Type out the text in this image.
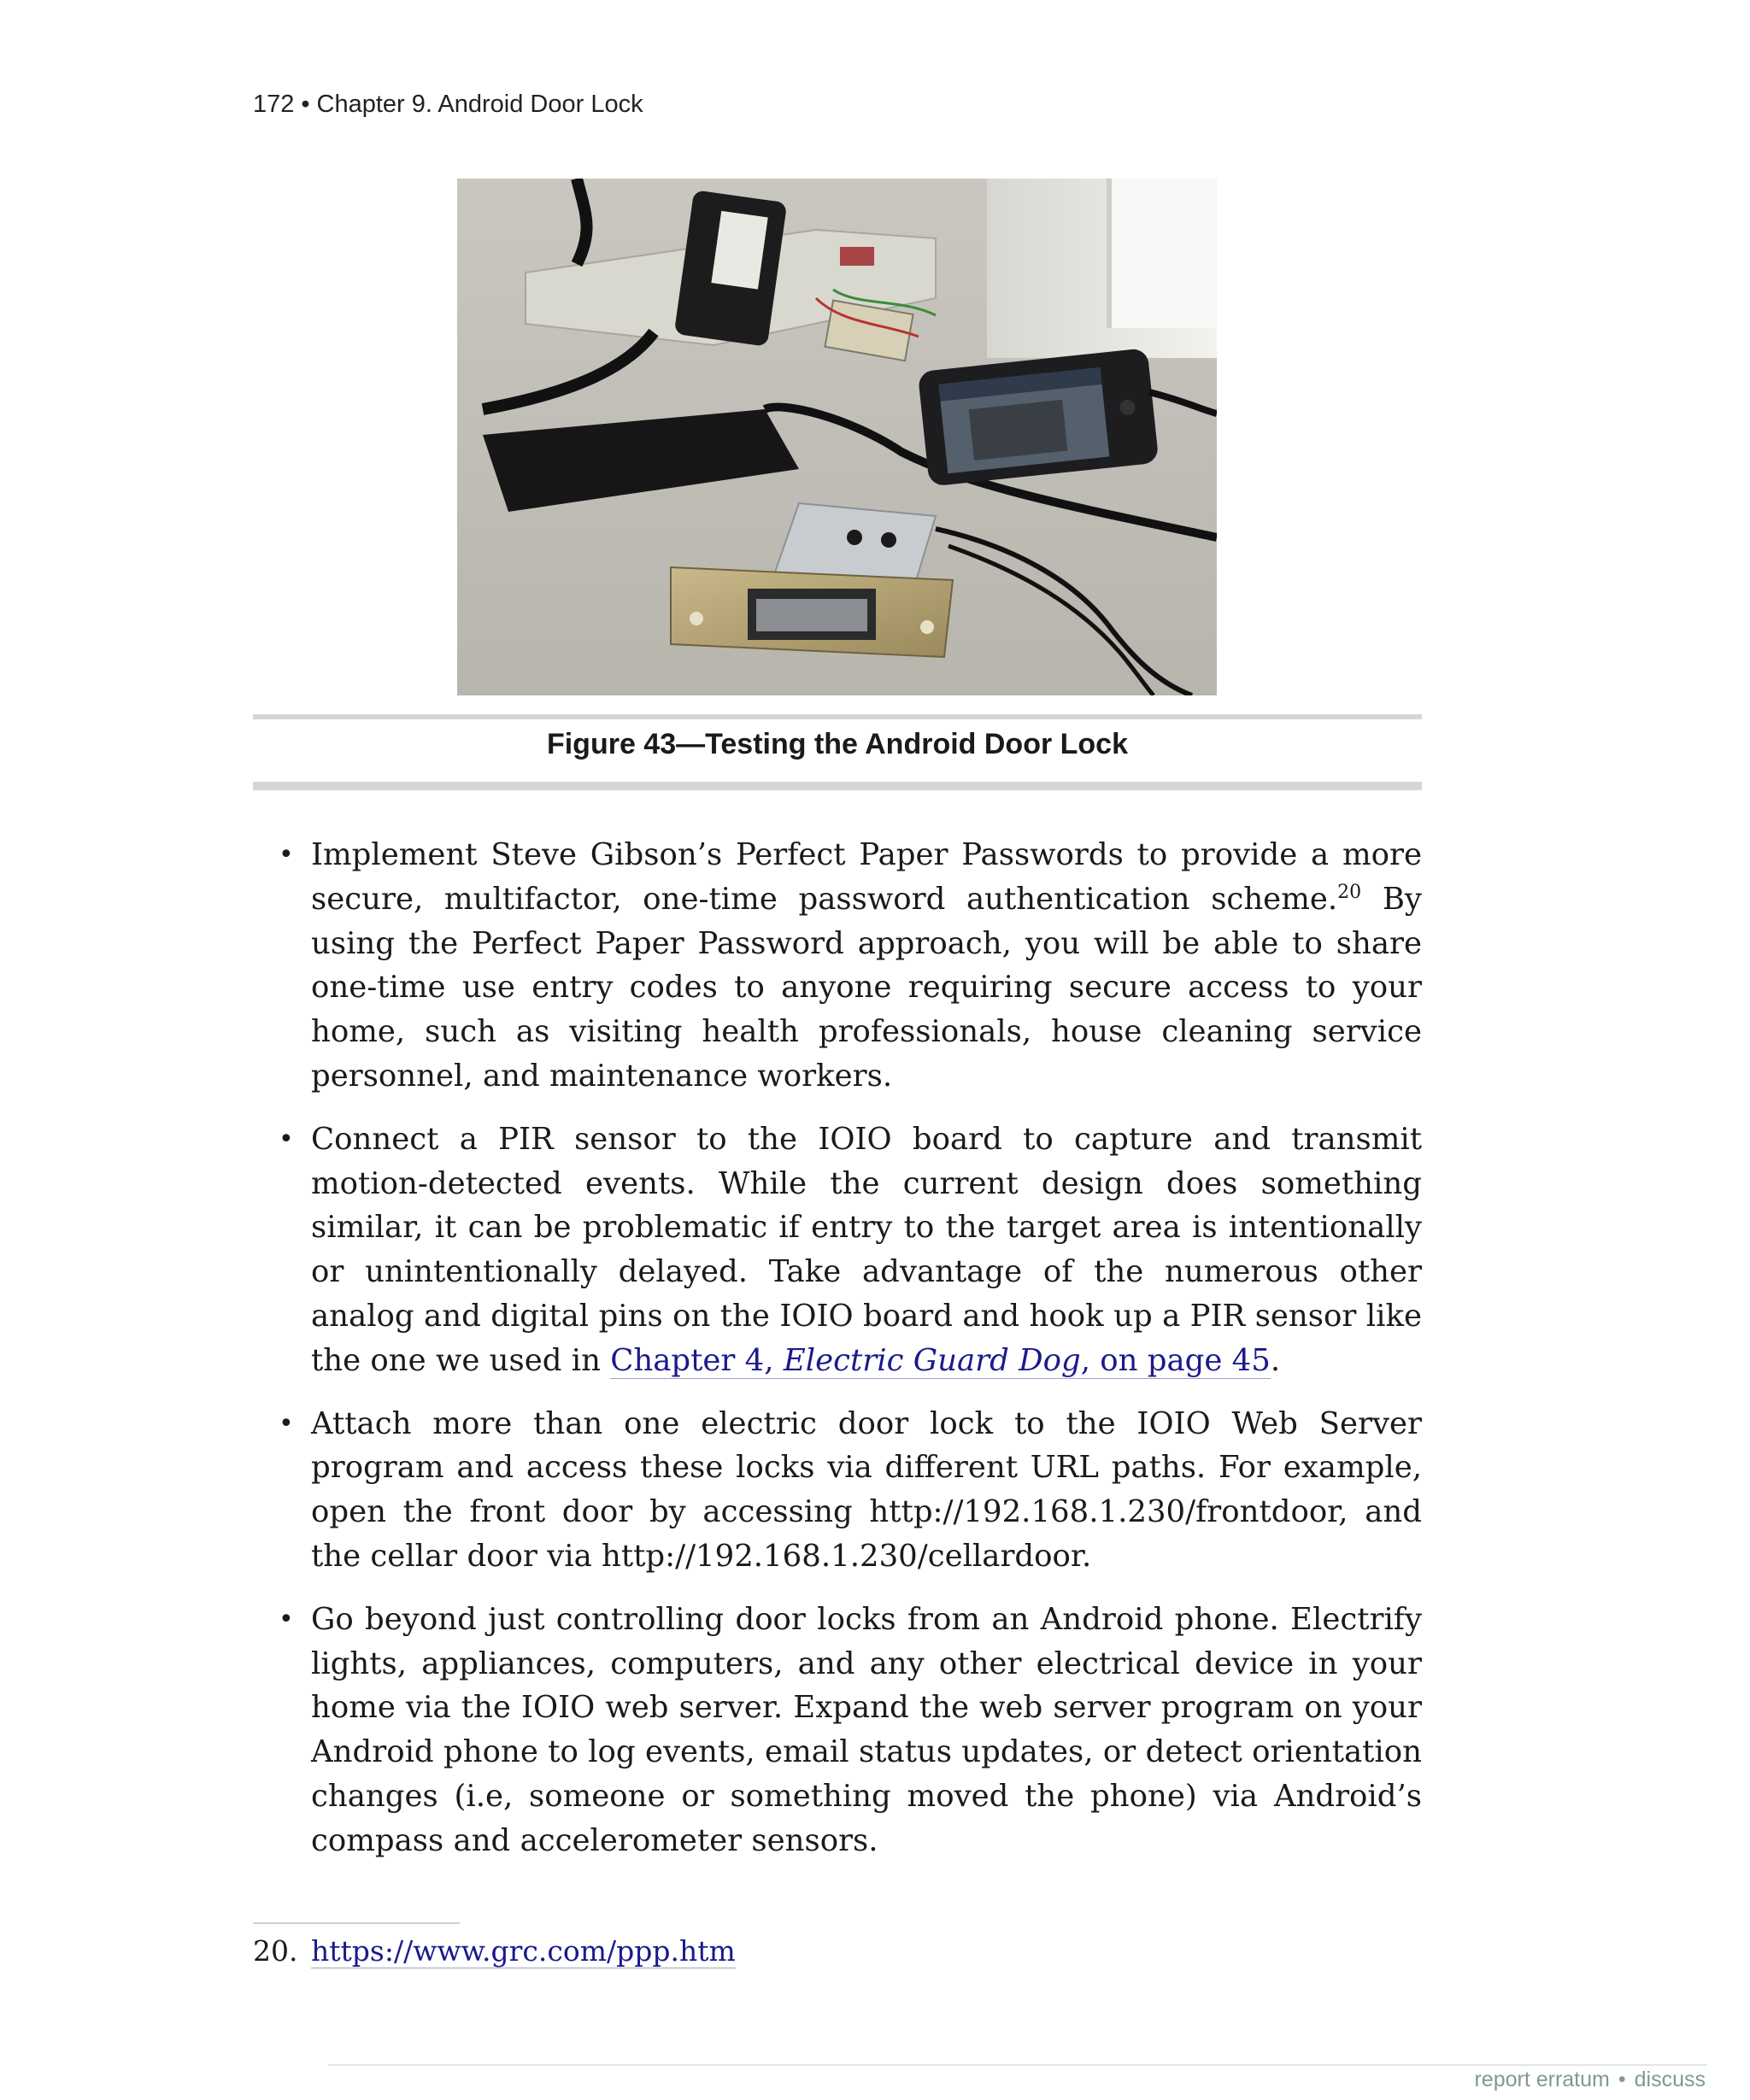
172 • Chapter 9. Android Door Lock
Figure 43—Testing the Android Door Lock
• Implement Steve Gibson’s Perfect Paper Passwords to provide a more secure, multifactor, one-time password authentication scheme.$^{20}$ By using the Perfect Paper Password approach, you will be able to share one-time use entry codes to anyone requiring secure access to your home, such as visiting health professionals, house cleaning service personnel, and maintenance workers.
• Connect a PIR sensor to the IOIO board to capture and transmit motion-detected events. While the current design does something similar, it can be problematic if entry to the target area is intentionally or unintentionally delayed. Take advantage of the numerous other analog and digital pins on the IOIO board and hook up a PIR sensor like the one we used in Chapter 4, Electric Guard Dog, on page 45.
• Attach more than one electric door lock to the IOIO Web Server program and access these locks via different URL paths. For example, open the front door by accessing http://192.168.1.230/frontdoor, and the cellar door via http://192.168.1.230/cellardoor.
• Go beyond just controlling door locks from an Android phone. Electrify lights, appliances, computers, and any other electrical device in your home via the IOIO web server. Expand the web server program on your Android phone to log events, email status updates, or detect orientation changes (i.e, someone or something moved the phone) via Android’s compass and accelerometer sensors.
20. https://www.grc.com/ppp.htm
report erratum • discuss
